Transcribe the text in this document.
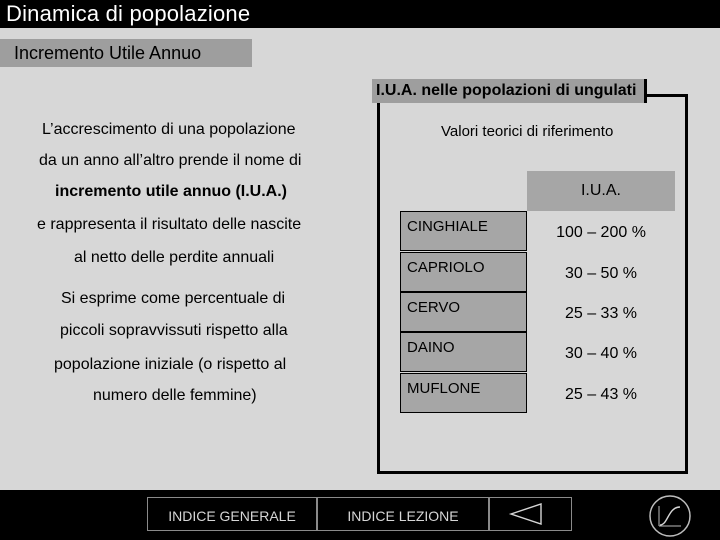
Dinamica di popolazione
Incremento Utile Annuo
L’accrescimento di una popolazione
da un anno all’altro prende il nome di
incremento utile annuo (I.U.A.)
e rappresenta il risultato delle nascite
al netto delle perdite annuali
Si esprime come percentuale di
piccoli sopravvissuti rispetto alla
popolazione iniziale (o rispetto al
numero delle femmine)
I.U.A. nelle popolazioni di ungulati
Valori teorici di riferimento
I.U.A.
CINGHIALE	100 – 200 %
CAPRIOLO	30 – 50 %
CERVO	25 – 33 %
DAINO	30 – 40 %
MUFLONE	25 – 43 %
INDICE GENERALE	INDICE LEZIONE
